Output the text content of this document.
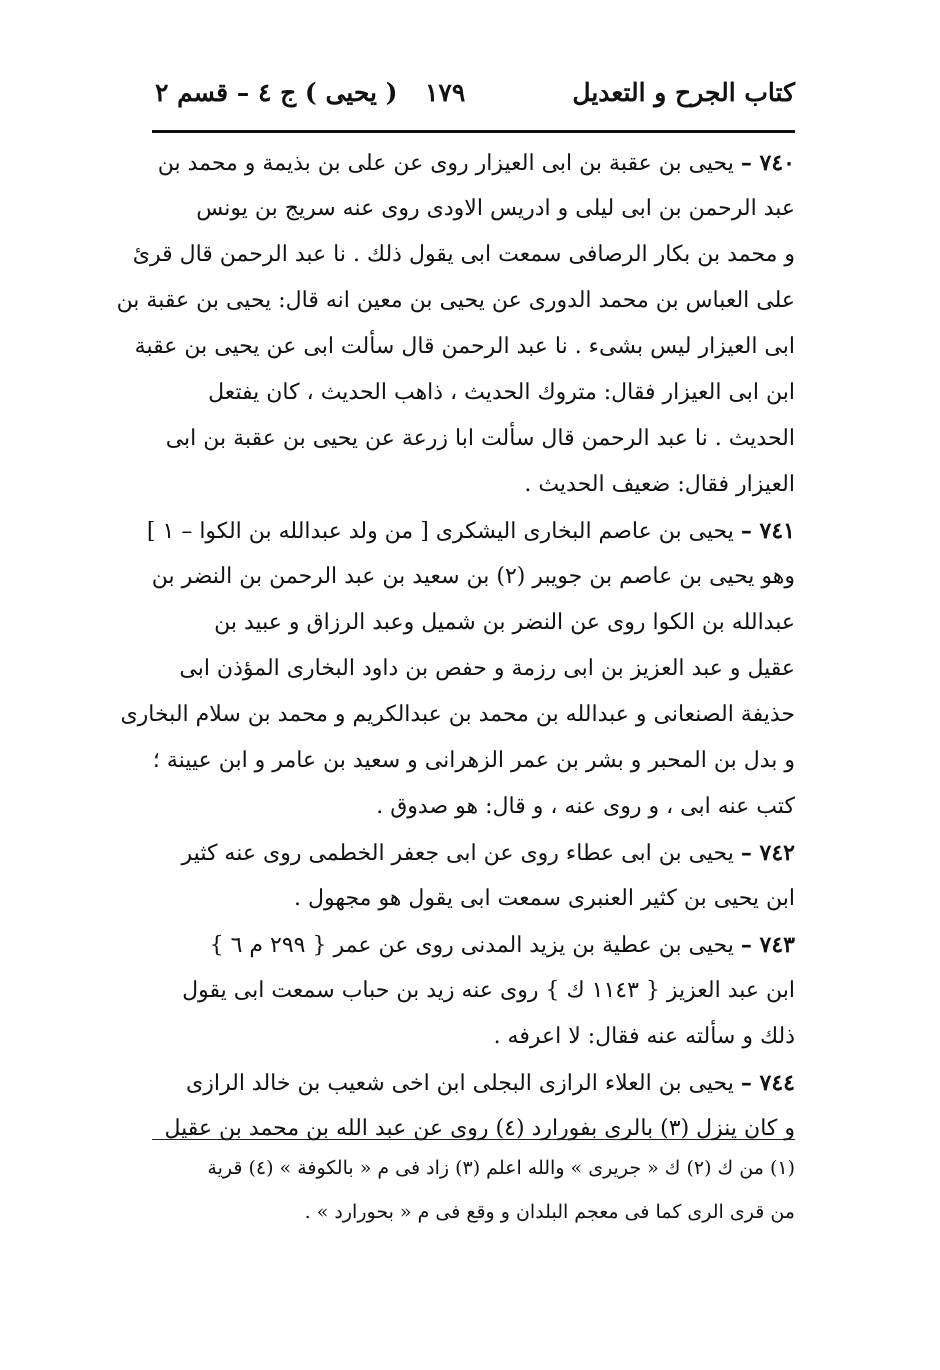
كتاب الجرح و التعديل
١٧٩
( يحيى ) ج ٤ – قسم ٢
٧٤٠ – يحيى بن عقبة بن ابى العيزار روى عن على بن بذيمة و محمد بن
عبد الرحمن بن ابى ليلى و ادريس الاودى روى عنه سريج بن يونس
و محمد بن بكار الرصافى سمعت ابى يقول ذلك . نا عبد الرحمن قال قرئ
على العباس بن محمد الدورى عن يحيى بن معين انه قال: يحيى بن عقبة بن
ابى العيزار ليس بشىء . نا عبد الرحمن قال سألت ابى عن يحيى بن عقبة
ابن ابى العيزار فقال: متروك الحديث ، ذاهب الحديث ، كان يفتعل
الحديث . نا عبد الرحمن قال سألت ابا زرعة عن يحيى بن عقبة بن ابى
العيزار فقال: ضعيف الحديث .
٧٤١ – يحيى بن عاصم البخارى اليشكرى [ من ولد عبدالله بن الكوا – ١ ]
وهو يحيى بن عاصم بن جويبر (٢) بن سعيد بن عبد الرحمن بن النضر بن
عبدالله بن الكوا روى عن النضر بن شميل وعبد الرزاق و عبيد بن
عقيل و عبد العزيز بن ابى رزمة و حفص بن داود البخارى المؤذن ابى
حذيفة الصنعانى و عبدالله بن محمد بن عبدالكريم و محمد بن سلام البخارى
و بدل بن المحبر و بشر بن عمر الزهرانى و سعيد بن عامر و ابن عيينة ؛
كتب عنه ابى ، و روى عنه ، و قال: هو صدوق .
٧٤٢ – يحيى بن ابى عطاء روى عن ابى جعفر الخطمى روى عنه كثير
ابن يحيى بن كثير العنبرى سمعت ابى يقول هو مجهول .
٧٤٣ – يحيى بن عطية بن يزيد المدنى روى عن عمر { ٢٩٩ م ٦ }
ابن عبد العزيز { ١١٤٣ ك } روى عنه زيد بن حباب سمعت ابى يقول
ذلك و سألته عنه فقال: لا اعرفه .
٧٤٤ – يحيى بن العلاء الرازى البجلى ابن اخى شعيب بن خالد الرازى
و كان ينزل (٣) بالرى بفورارد (٤) روى عن عبد الله بن محمد بن عقيل
(١) من ك (٢) ك « جريرى » والله اعلم (٣) زاد فى م « بالكوفة » (٤) قرية
من قرى الرى كما فى معجم البلدان و وقع فى م « بحورارد » .
